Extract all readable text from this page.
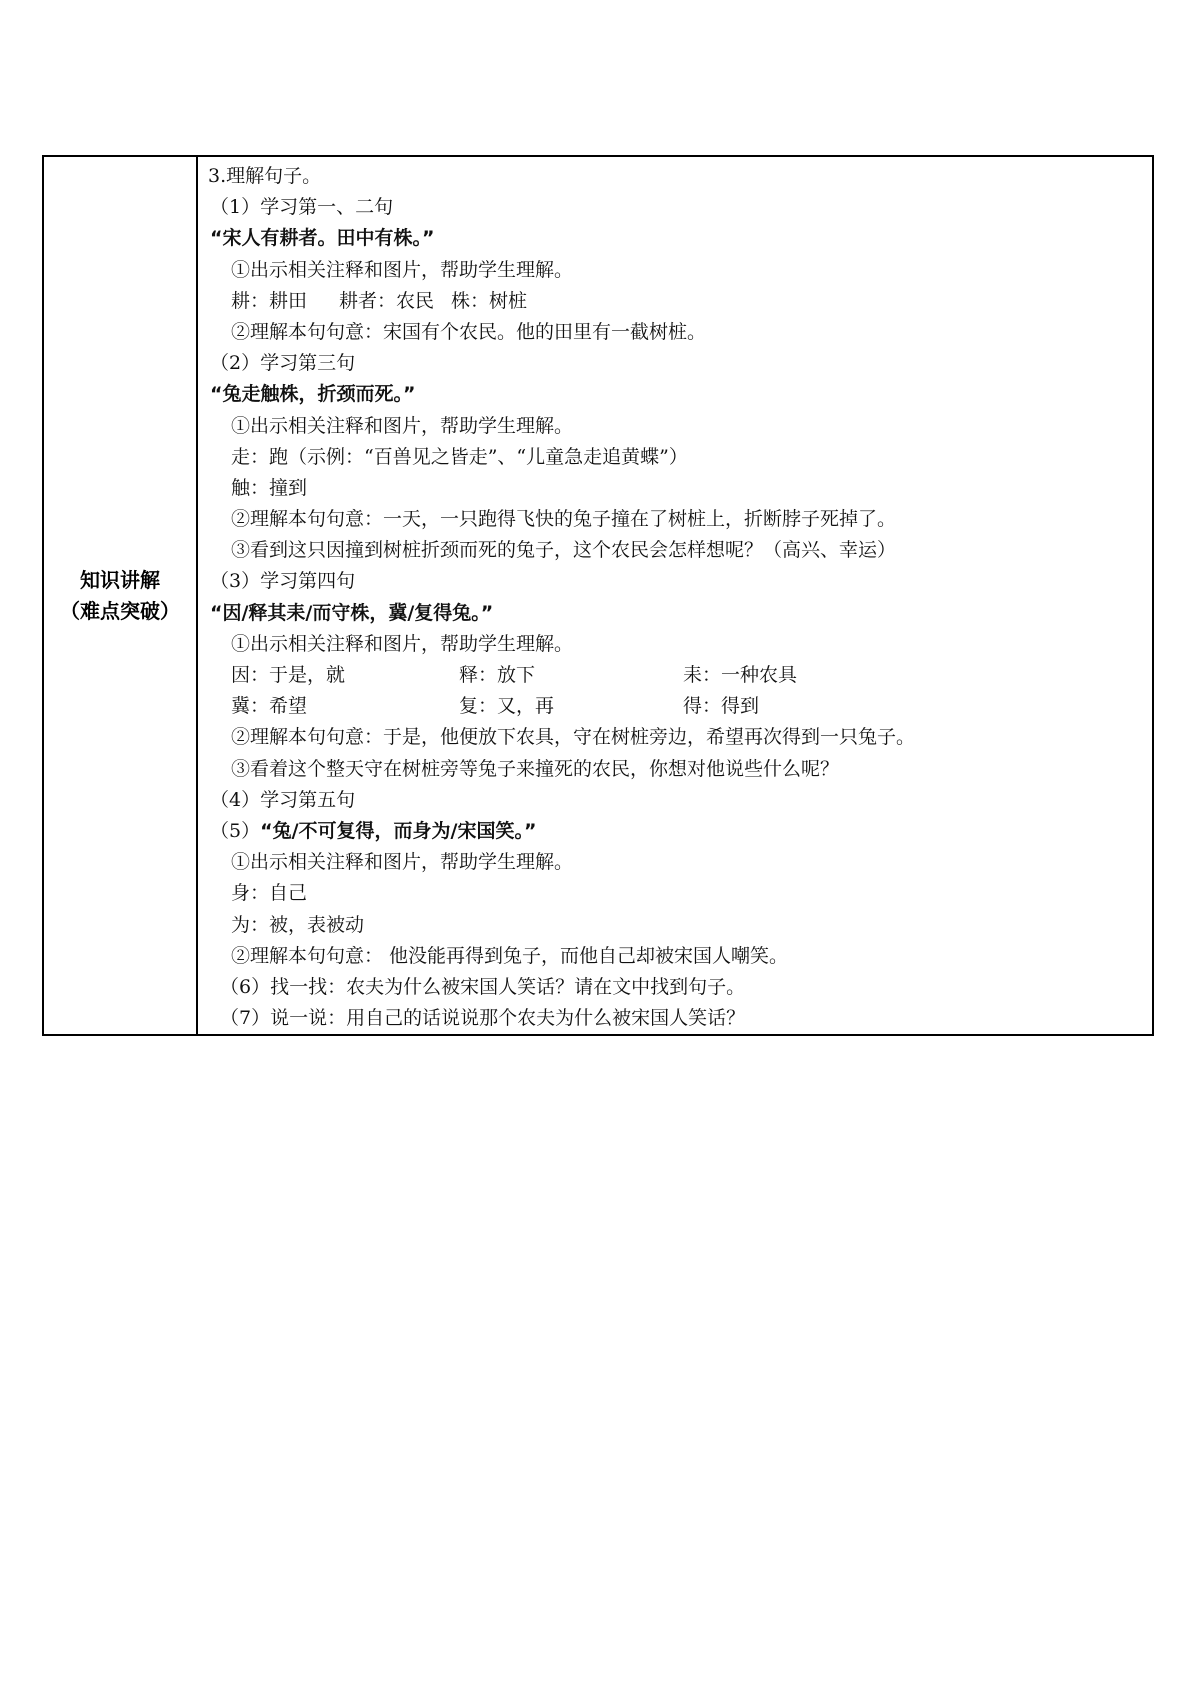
知识讲解
（难点突破）

3.理解句子。
（1）学习第一、二句
“宋人有耕者。田中有株。”
①出示相关注释和图片，帮助学生理解。
耕：耕田	耕者：农民 株：树桩
②理解本句句意：宋国有个农民。他的田里有一截树桩。
（2）学习第三句
“兔走触株，折颈而死。”
①出示相关注释和图片，帮助学生理解。
走：跑（示例：“百兽见之皆走”、“儿童急走追黄蝶”）
触：撞到
②理解本句句意：一天，一只跑得飞快的兔子撞在了树桩上，折断脖子死掉了。
③看到这只因撞到树桩折颈而死的兔子，这个农民会怎样想呢？（高兴、幸运）
（3）学习第四句
“因/释其耒/而守株，冀/复得兔。”
①出示相关注释和图片，帮助学生理解。
因：于是，就	释：放下	耒：一种农具
冀：希望	复：又，再	得：得到
②理解本句句意：于是，他便放下农具，守在树桩旁边，希望再次得到一只兔子。
③看着这个整天守在树桩旁等兔子来撞死的农民，你想对他说些什么呢？
（4）学习第五句
（5）“兔/不可复得，而身为/宋国笑。”
①出示相关注释和图片，帮助学生理解。
身：自己
为：被，表被动
②理解本句句意： 他没能再得到兔子，而他自己却被宋国人嘲笑。
（6）找一找：农夫为什么被宋国人笑话？请在文中找到句子。
（7）说一说：用自己的话说说那个农夫为什么被宋国人笑话？
